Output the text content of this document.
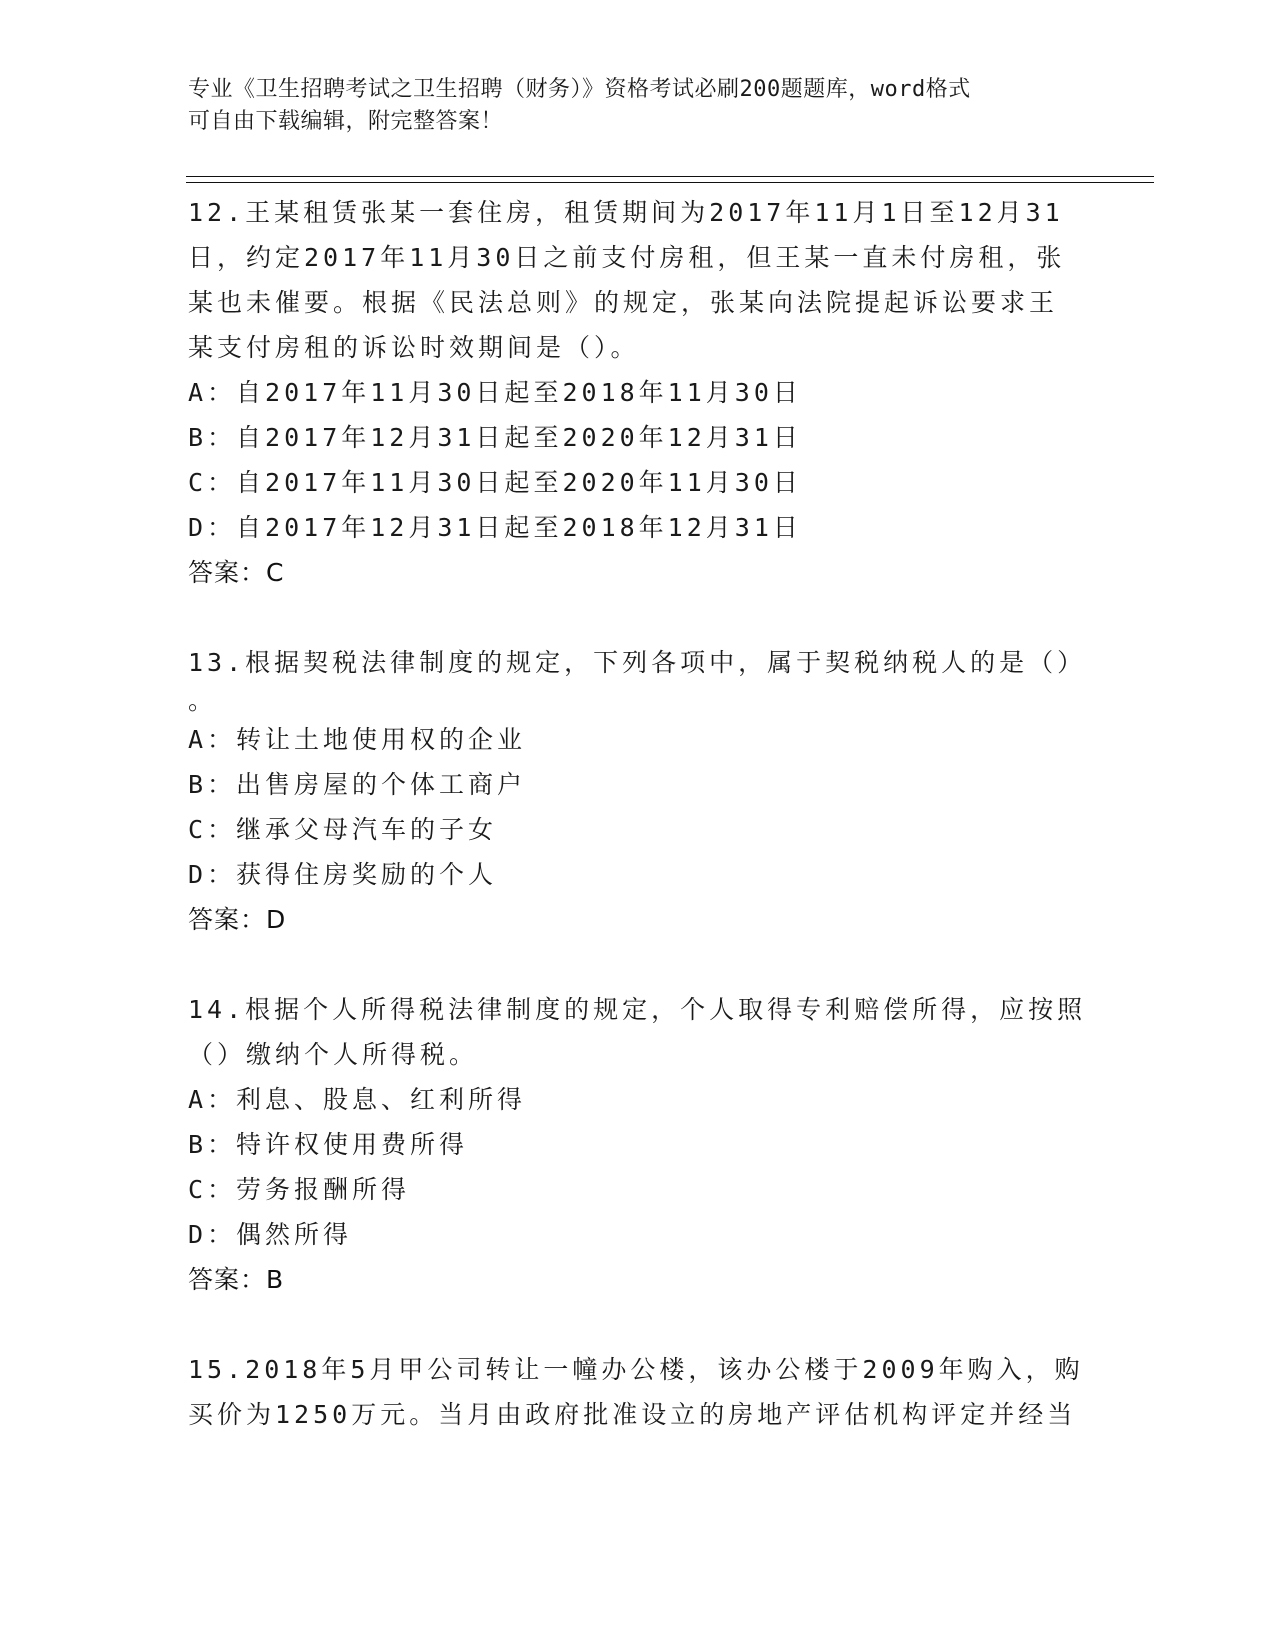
专业《卫生招聘考试之卫生招聘（财务）》资格考试必刷200题题库，word格式
可自由下载编辑，附完整答案！
12.王某租赁张某一套住房，租赁期间为2017年11月1日至12月31
日，约定2017年11月30日之前支付房租，但王某一直未付房租，张
某也未催要。根据《民法总则》的规定，张某向法院提起诉讼要求王
某支付房租的诉讼时效期间是（）。
A：自2017年11月30日起至2018年11月30日
B：自2017年12月31日起至2020年12月31日
C：自2017年11月30日起至2020年11月30日
D：自2017年12月31日起至2018年12月31日
答案：C
13.根据契税法律制度的规定，下列各项中，属于契税纳税人的是（）
。
A：转让土地使用权的企业
B：出售房屋的个体工商户
C：继承父母汽车的子女
D：获得住房奖励的个人
答案：D
14.根据个人所得税法律制度的规定，个人取得专利赔偿所得，应按照
（）缴纳个人所得税。
A：利息、股息、红利所得
B：特许权使用费所得
C：劳务报酬所得
D：偶然所得
答案：B
15.2018年5月甲公司转让一幢办公楼，该办公楼于2009年购入，购
买价为1250万元。当月由政府批准设立的房地产评估机构评定并经当
